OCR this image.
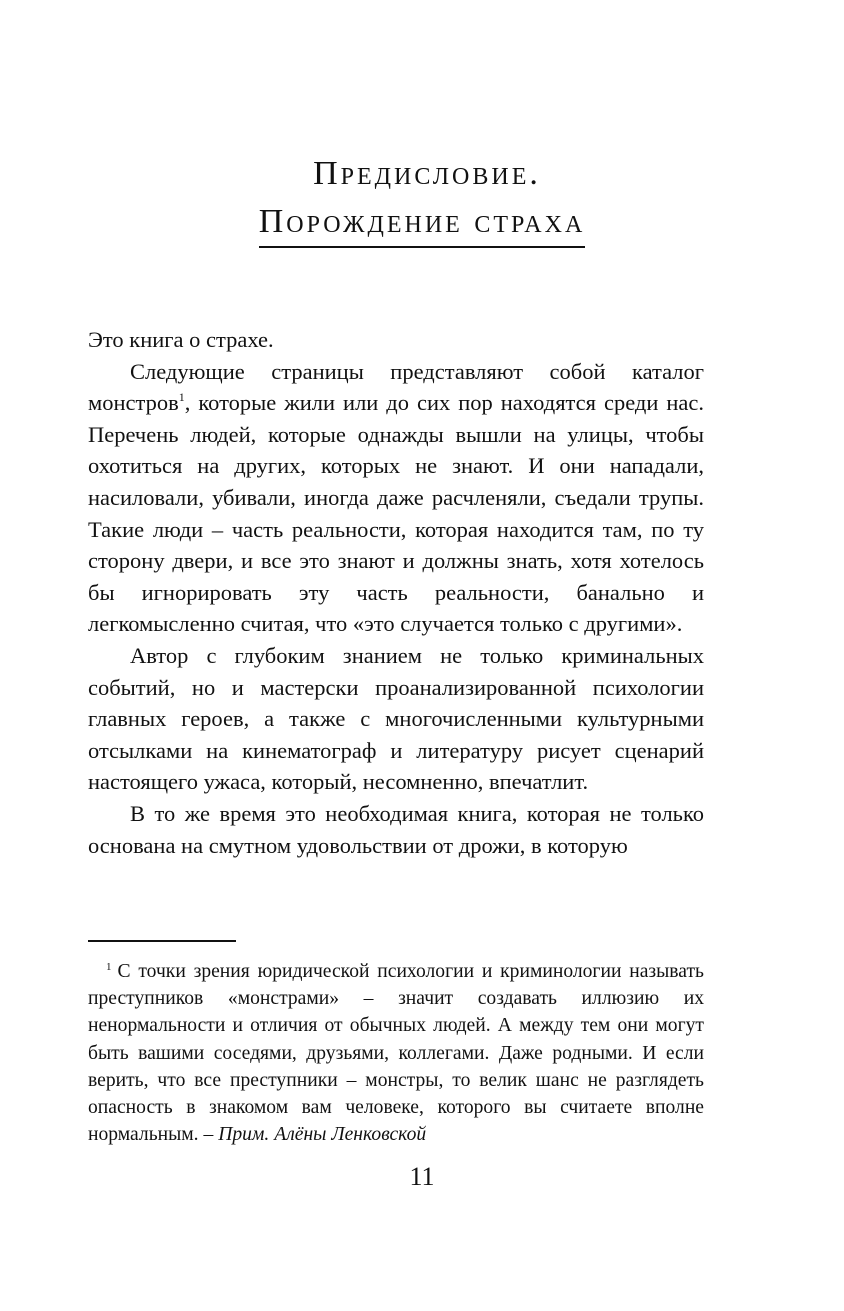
Предисловие.
Порождение страха

Это книга о страхе.

Следующие страницы представляют собой каталог монстров$^1$, которые жили или до сих пор находятся среди нас. Перечень людей, которые однажды вышли на улицы, чтобы охотиться на других, которых не знают. И они нападали, насиловали, убивали, иногда даже расчленяли, съедали трупы. Такие люди – часть реальности, которая находится там, по ту сторону двери, и все это знают и должны знать, хотя хотелось бы игнорировать эту часть реальности, банально и легкомысленно считая, что «это случается только с другими».

Автор с глубоким знанием не только криминальных событий, но и мастерски проанализированной психологии главных героев, а также с многочисленными культурными отсылками на кинематограф и литературу рисует сценарий настоящего ужаса, который, несомненно, впечатлит.

В то же время это необходимая книга, которая не только основана на смутном удовольствии от дрожи, в которую

$^1$ С точки зрения юридической психологии и криминологии называть преступников «монстрами» – значит создавать иллюзию их ненормальности и отличия от обычных людей. А между тем они могут быть вашими соседями, друзьями, коллегами. Даже родными. И если верить, что все преступники – монстры, то велик шанс не разглядеть опасность в знакомом вам человеке, которого вы считаете вполне нормальным. – Прим. Алёны Ленковской

11
